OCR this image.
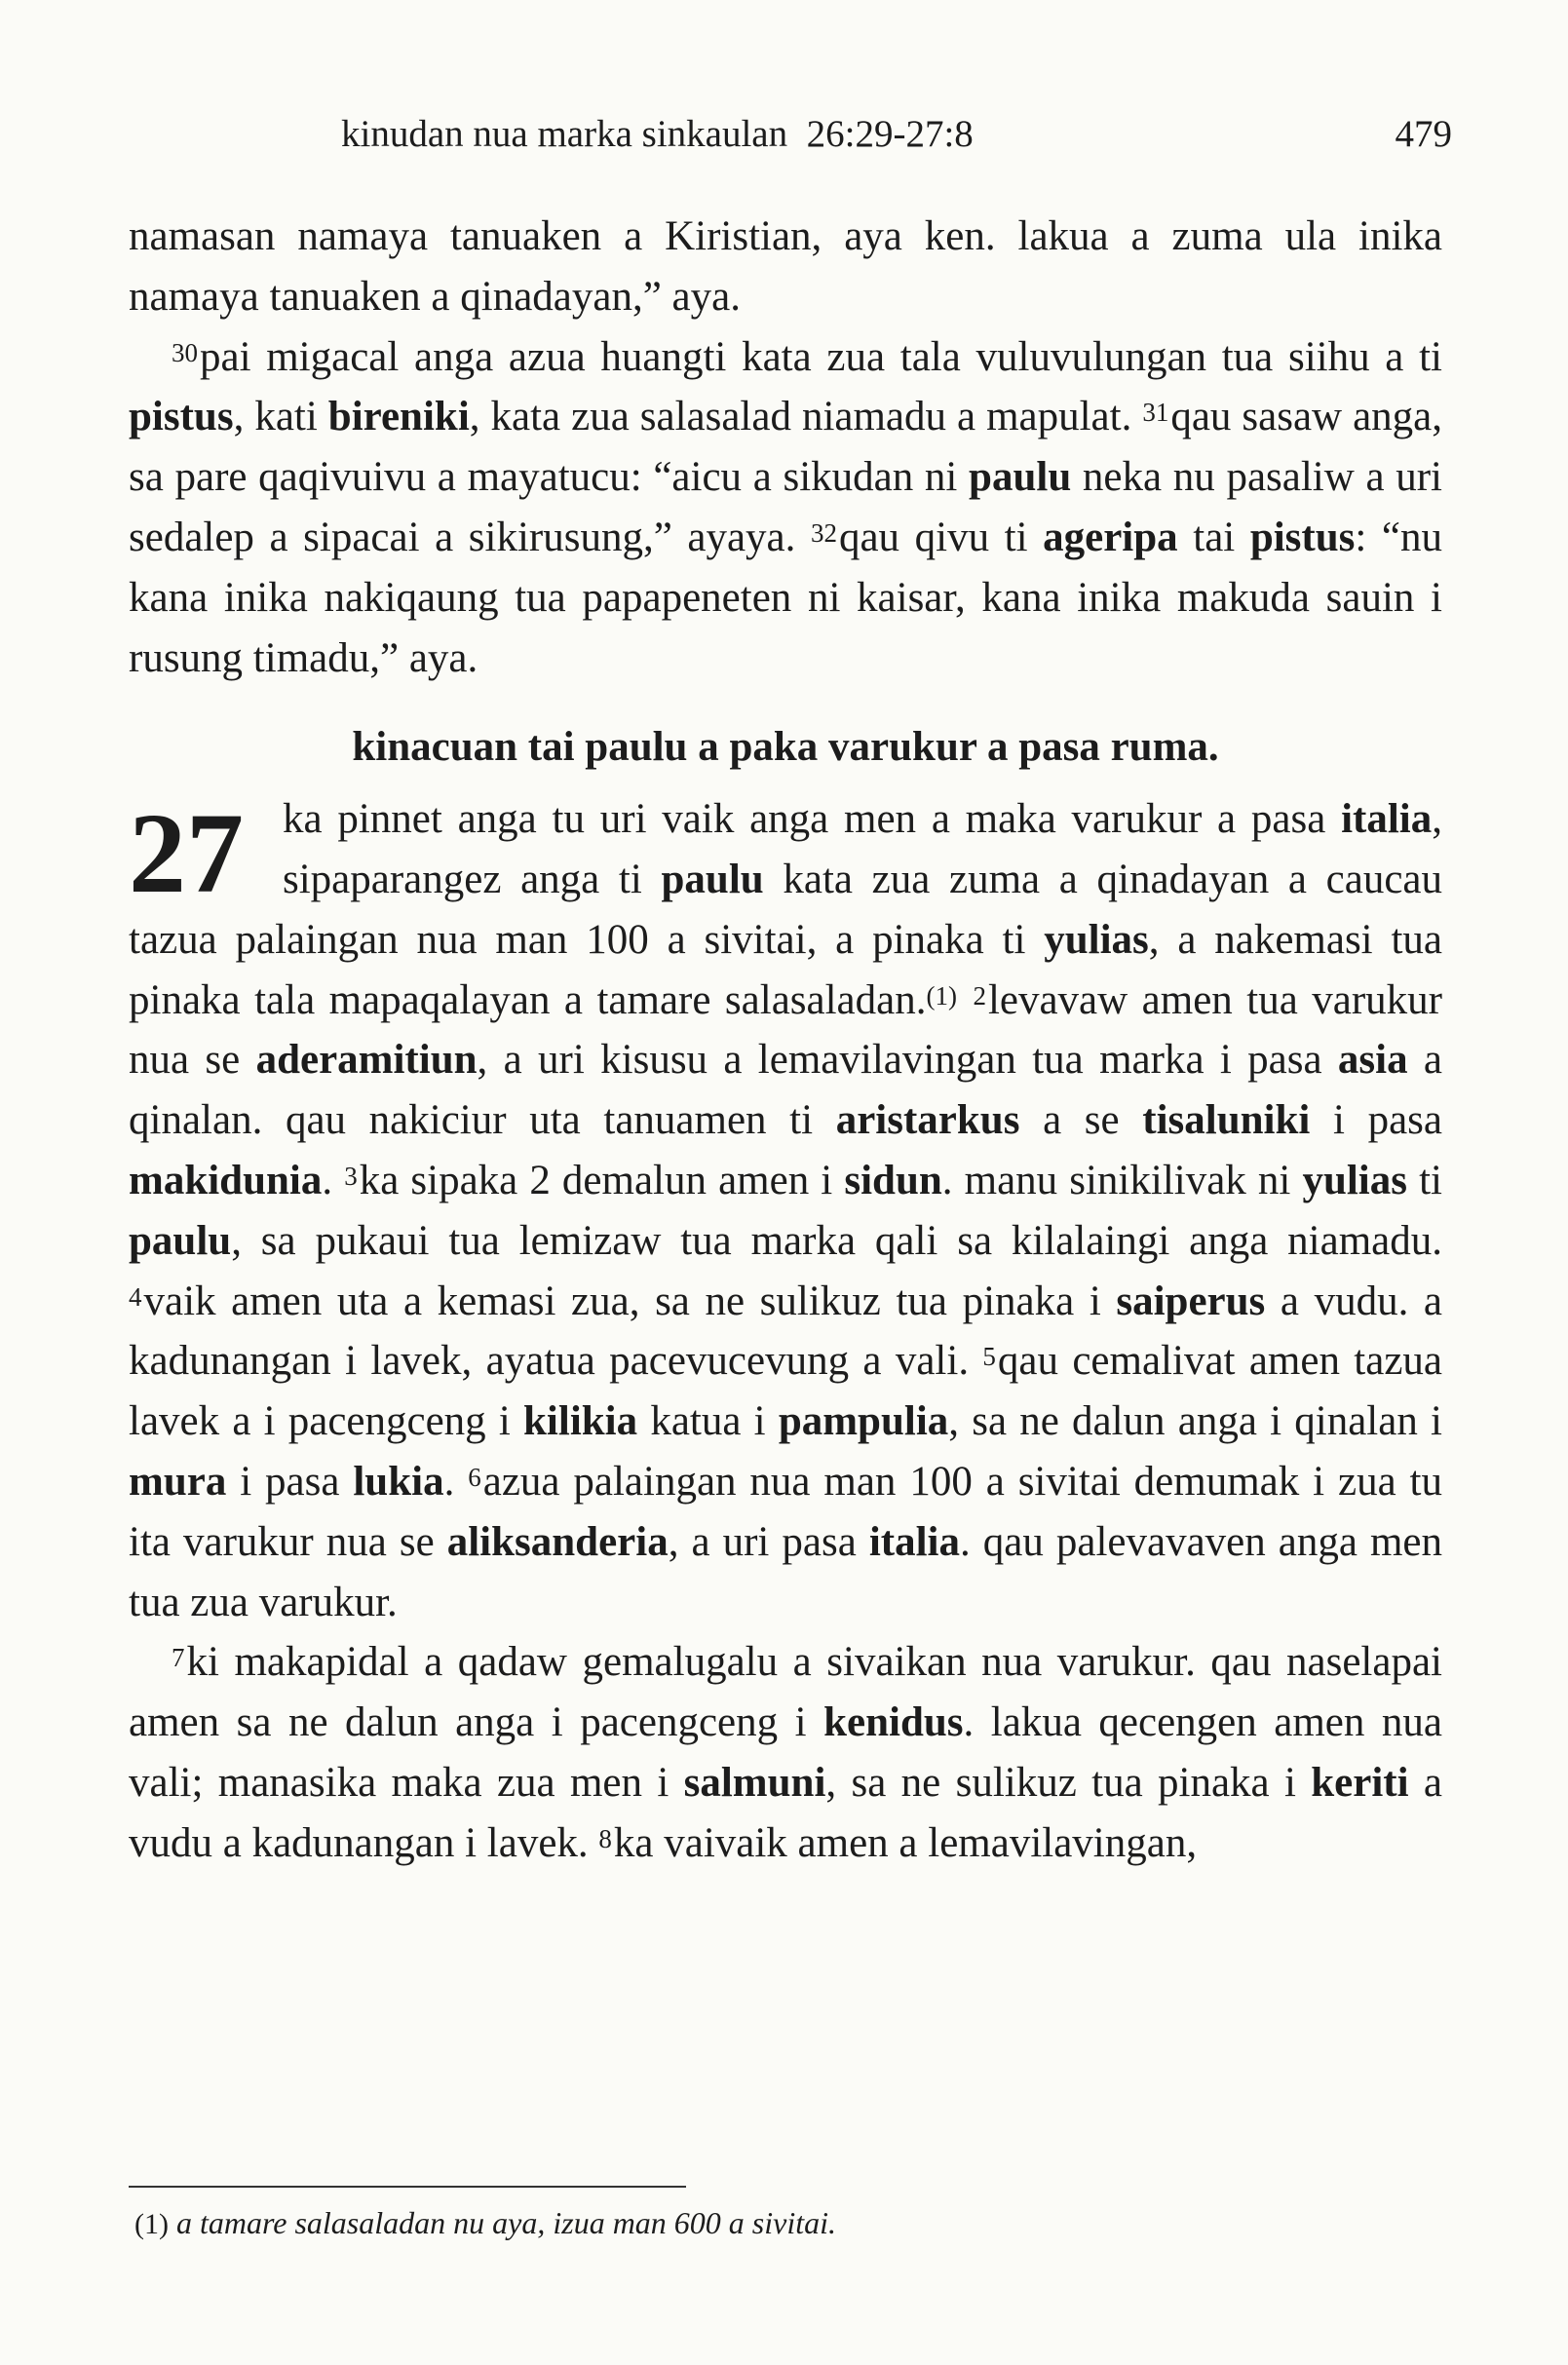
kinudan nua marka sinkaulan 26:29-27:8	479

namasan namaya tanuaken a Kiristian, aya ken. lakua a zuma ula inika namaya tanuaken a qinadayan,” aya.

$^{30}$pai migacal anga azua huangti kata zua tala vuluvulungan tua siihu a ti pistus, kati bireniki, kata zua salasalad niamadu a mapulat. $^{31}$qau sasaw anga, sa pare qaqivuivu a mayatucu: “aicu a sikudan ni paulu neka nu pasaliw a uri sedalep a sipacai a sikirusung,” ayaya. $^{32}$qau qivu ti ageripa tai pistus: “nu kana inika nakiqaung tua papapeneten ni kaisar, kana inika makuda sauin i rusung timadu,” aya.

kinacuan tai paulu a paka varukur a pasa ruma.

27 ka pinnet anga tu uri vaik anga men a maka varukur a pasa italia, sipaparangez anga ti paulu kata zua zuma a qinadayan a caucau tazua palaingan nua man 100 a sivitai, a pinaka ti yulias, a nakemasi tua pinaka tala mapaqalayan a tamare salasaladan.$^{(1)}$ $^2$levavaw amen tua varukur nua se aderamitiun, a uri kisusu a lemavilavingan tua marka i pasa asia a qinalan. qau nakiciur uta tanuamen ti aristarkus a se tisaluniki i pasa makidunia. $^3$ka sipaka 2 demalun amen i sidun. manu sinikilivak ni yulias ti paulu, sa pukaui tua lemizaw tua marka qali sa kilalaingi anga niamadu. $^4$vaik amen uta a kemasi zua, sa ne sulikuz tua pinaka i saiperus a vudu. a kadunangan i lavek, ayatua pacevucevung a vali. $^5$qau cemalivat amen tazua lavek a i pacengceng i kilikia katua i pampulia, sa ne dalun anga i qinalan i mura i pasa lukia. $^6$azua palaingan nua man 100 a sivitai demumak i zua tu ita varukur nua se aliksanderia, a uri pasa italia. qau palevavaven anga men tua zua varukur.

$^7$ki makapidal a qadaw gemalugalu a sivaikan nua varukur. qau naselapai amen sa ne dalun anga i pacengceng i kenidus. lakua qecengen amen nua vali; manasika maka zua men i salmuni, sa ne sulikuz tua pinaka i keriti a vudu a kadunangan i lavek. $^8$ka vaivaik amen a lemavilavingan,

(1) a tamare salasaladan nu aya, izua man 600 a sivitai.
